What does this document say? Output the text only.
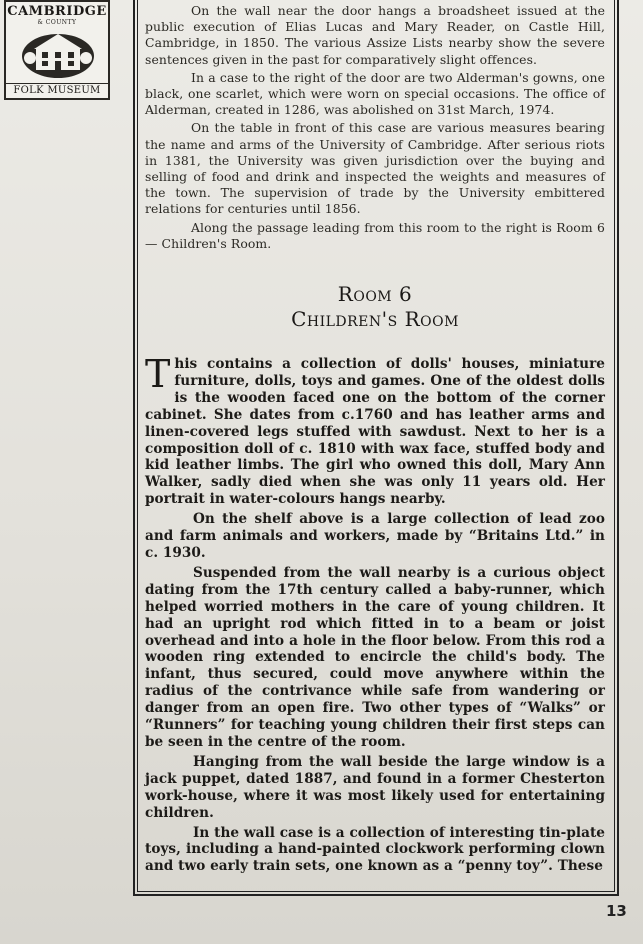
CAMBRIDGE
& COUNTY
FOLK MUSEUM

On the wall near the door hangs a broadsheet issued at the public execution of Elias Lucas and Mary Reader, on Castle Hill, Cambridge, in 1850. The various Assize Lists nearby show the severe sentences given in the past for comparatively slight offences.

In a case to the right of the door are two Alderman's gowns, one black, one scarlet, which were worn on special occasions. The office of Alderman, created in 1286, was abolished on 31st March, 1974.

On the table in front of this case are various measures bearing the name and arms of the University of Cambridge. After serious riots in 1381, the University was given jurisdiction over the buying and selling of food and drink and inspected the weights and measures of the town. The supervision of trade by the University embittered relations for centuries until 1856.

Along the passage leading from this room to the right is Room 6 — Children's Room.

Room 6
Children's Room

This contains a collection of dolls' houses, miniature furniture, dolls, toys and games. One of the oldest dolls is the wooden faced one on the bottom of the corner cabinet. She dates from c.1760 and has leather arms and linen-covered legs stuffed with sawdust. Next to her is a composition doll of c. 1810 with wax face, stuffed body and kid leather limbs. The girl who owned this doll, Mary Ann Walker, sadly died when she was only 11 years old. Her portrait in water-colours hangs nearby.

On the shelf above is a large collection of lead zoo and farm animals and workers, made by “Britains Ltd.” in c. 1930.

Suspended from the wall nearby is a curious object dating from the 17th century called a baby-runner, which helped worried mothers in the care of young children. It had an upright rod which fitted in to a beam or joist overhead and into a hole in the floor below. From this rod a wooden ring extended to encircle the child's body. The infant, thus secured, could move anywhere within the radius of the contrivance while safe from wandering or danger from an open fire. Two other types of “Walks” or “Runners” for teaching young children their first steps can be seen in the centre of the room.

Hanging from the wall beside the large window is a jack puppet, dated 1887, and found in a former Chesterton work-house, where it was most likely used for entertaining children.

In the wall case is a collection of interesting tin-plate toys, including a hand-painted clockwork performing clown and two early train sets, one known as a “penny toy”. These

13
